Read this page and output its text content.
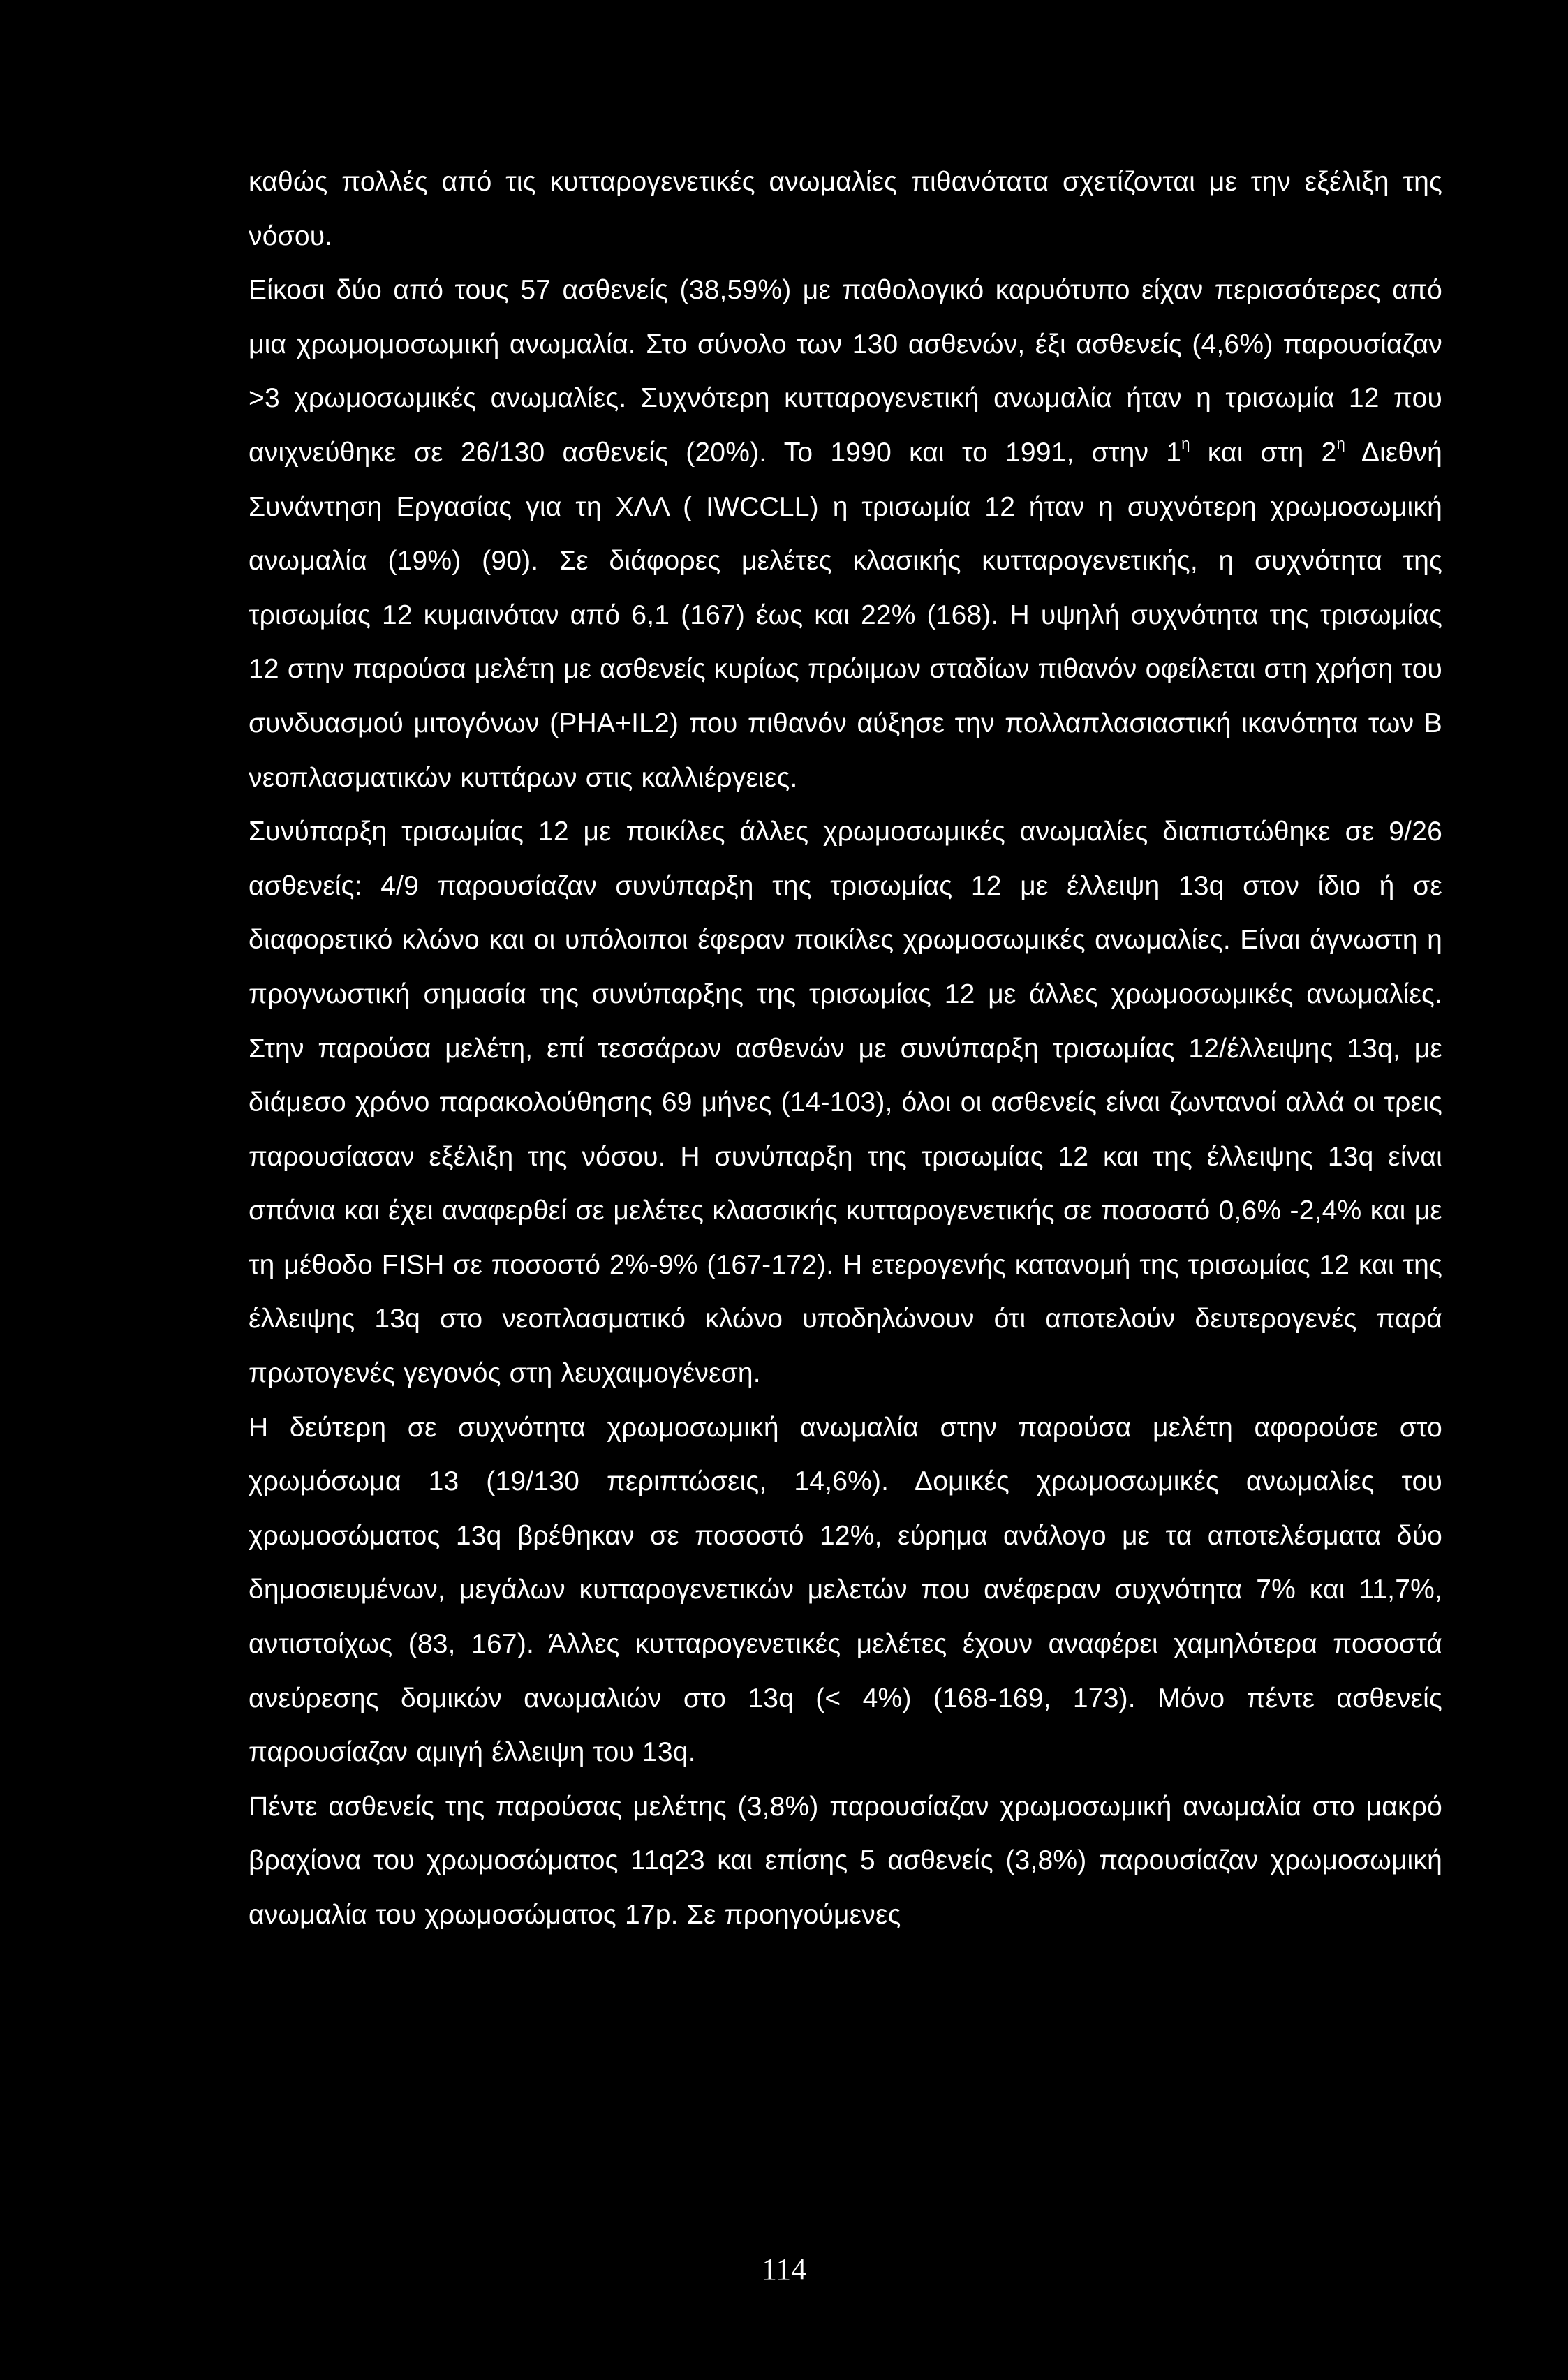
καθώς πολλές από τις κυτταρογενετικές ανωμαλίες πιθανότατα σχετίζονται με την εξέλιξη της νόσου.

Είκοσι δύο από τους 57 ασθενείς (38,59%) με παθολογικό καρυότυπο είχαν περισσότερες από μια χρωμομοσωμική ανωμαλία. Στο σύνολο των 130 ασθενών, έξι ασθενείς (4,6%) παρουσίαζαν >3 χρωμοσωμικές ανωμαλίες. Συχνότερη κυτταρογενετική ανωμαλία ήταν η τρισωμία 12 που ανιχνεύθηκε σε 26/130 ασθενείς (20%). Το 1990 και το 1991, στην $1^\eta$ και στη $2^\eta$ Διεθνή Συνάντηση Εργασίας για τη ΧΛΛ ( IWCCLL) η τρισωμία 12 ήταν η συχνότερη χρωμοσωμική ανωμαλία (19%) (90). Σε διάφορες μελέτες κλασικής κυτταρογενετικής, η συχνότητα της τρισωμίας 12 κυμαινόταν από 6,1 (167) έως και 22% (168). Η υψηλή συχνότητα της τρισωμίας 12 στην παρούσα μελέτη με ασθενείς κυρίως πρώιμων σταδίων πιθανόν οφείλεται στη χρήση του συνδυασμού μιτογόνων (PHA+IL2) που πιθανόν αύξησε την πολλαπλασιαστική ικανότητα των Β νεοπλασματικών κυττάρων στις καλλιέργειες.

Συνύπαρξη τρισωμίας 12 με ποικίλες άλλες χρωμοσωμικές ανωμαλίες διαπιστώθηκε σε 9/26 ασθενείς: 4/9 παρουσίαζαν συνύπαρξη της τρισωμίας 12 με έλλειψη 13q στον ίδιο ή σε διαφορετικό κλώνο και οι υπόλοιποι έφεραν ποικίλες χρωμοσωμικές ανωμαλίες. Είναι άγνωστη η προγνωστική σημασία της συνύπαρξης της τρισωμίας 12 με άλλες χρωμοσωμικές ανωμαλίες. Στην παρούσα μελέτη, επί τεσσάρων ασθενών με συνύπαρξη τρισωμίας 12/έλλειψης 13q, με διάμεσο χρόνο παρακολούθησης 69 μήνες (14-103), όλοι οι ασθενείς είναι ζωντανοί αλλά οι τρεις παρουσίασαν εξέλιξη της νόσου. Η συνύπαρξη της τρισωμίας 12 και της έλλειψης 13q είναι σπάνια και έχει αναφερθεί σε μελέτες κλασσικής κυτταρογενετικής σε ποσοστό 0,6% -2,4% και με τη μέθοδο FISH σε ποσοστό 2%-9% (167-172). Η ετερογενής κατανομή της τρισωμίας 12 και της έλλειψης 13q στο νεοπλασματικό κλώνο υποδηλώνουν ότι αποτελούν δευτερογενές παρά πρωτογενές γεγονός στη λευχαιμογένεση.

Η δεύτερη σε συχνότητα χρωμοσωμική ανωμαλία στην παρούσα μελέτη αφορούσε στο χρωμόσωμα 13 (19/130 περιπτώσεις, 14,6%). Δομικές χρωμοσωμικές ανωμαλίες του χρωμοσώματος 13q βρέθηκαν σε ποσοστό 12%, εύρημα ανάλογο με τα αποτελέσματα δύο δημοσιευμένων, μεγάλων κυτταρογενετικών μελετών που ανέφεραν συχνότητα 7% και 11,7%, αντιστοίχως (83, 167). Άλλες κυτταρογενετικές μελέτες έχουν αναφέρει χαμηλότερα ποσοστά ανεύρεσης δομικών ανωμαλιών στο 13q (< 4%) (168-169, 173). Μόνο πέντε ασθενείς παρουσίαζαν αμιγή έλλειψη του 13q.

Πέντε ασθενείς της παρούσας μελέτης (3,8%) παρουσίαζαν χρωμοσωμική ανωμαλία στο μακρό βραχίονα του χρωμοσώματος 11q23 και επίσης 5 ασθενείς (3,8%) παρουσίαζαν χρωμοσωμική ανωμαλία του χρωμοσώματος 17p. Σε προηγούμενες

114
